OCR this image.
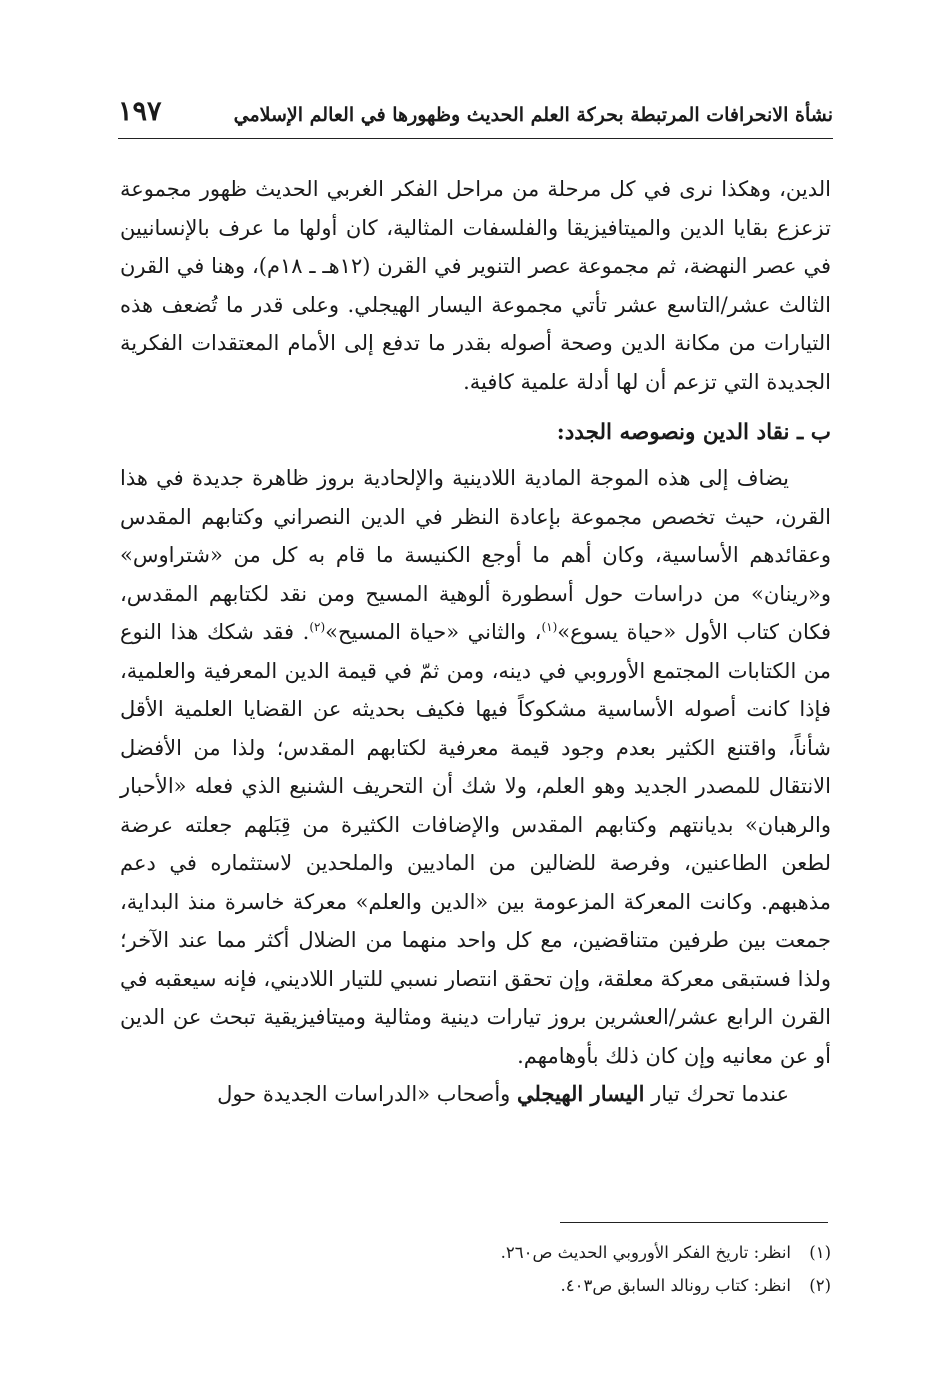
نشأة الانحرافات المرتبطة بحركة العلم الحديث وظهورها في العالم الإسلامي
١٩٧

الدين، وهكذا نرى في كل مرحلة من مراحل الفكر الغربي الحديث ظهور مجموعة تزعزع بقايا الدين والميتافيزيقا والفلسفات المثالية، كان أولها ما عرف بالإنسانيين في عصر النهضة، ثم مجموعة عصر التنوير في القرن (١٢هـ ـ ١٨م)، وهنا في القرن الثالث عشر/التاسع عشر تأتي مجموعة اليسار الهيجلي. وعلى قدر ما تُضعف هذه التيارات من مكانة الدين وصحة أصوله بقدر ما تدفع إلى الأمام المعتقدات الفكرية الجديدة التي تزعم أن لها أدلة علمية كافية.

ب ـ نقاد الدين ونصوصه الجدد:

يضاف إلى هذه الموجة المادية اللادينية والإلحادية بروز ظاهرة جديدة في هذا القرن، حيث تخصص مجموعة بإعادة النظر في الدين النصراني وكتابهم المقدس وعقائدهم الأساسية، وكان أهم ما أوجع الكنيسة ما قام به كل من «شتراوس» و«رينان» من دراسات حول أسطورة ألوهية المسيح ومن نقد لكتابهم المقدس، فكان كتاب الأول «حياة يسوع»$^{(١)}$، والثاني «حياة المسيح»$^{(٢)}$. فقد شكك هذا النوع من الكتابات المجتمع الأوروبي في دينه، ومن ثمّ في قيمة الدين المعرفية والعلمية، فإذا كانت أصوله الأساسية مشكوكاً فيها فكيف بحديثه عن القضايا العلمية الأقل شأناً، واقتنع الكثير بعدم وجود قيمة معرفية لكتابهم المقدس؛ ولذا من الأفضل الانتقال للمصدر الجديد وهو العلم، ولا شك أن التحريف الشنيع الذي فعله «الأحبار والرهبان» بديانتهم وكتابهم المقدس والإضافات الكثيرة من قِبَلهم جعلته عرضة لطعن الطاعنين، وفرصة للضالين من الماديين والملحدين لاستثماره في دعم مذهبهم. وكانت المعركة المزعومة بين «الدين والعلم» معركة خاسرة منذ البداية، جمعت بين طرفين متناقضين، مع كل واحد منهما من الضلال أكثر مما عند الآخر؛ ولذا فستبقى معركة معلقة، وإن تحقق انتصار نسبي للتيار اللاديني، فإنه سيعقبه في القرن الرابع عشر/العشرين بروز تيارات دينية ومثالية وميتافيزيقية تبحث عن الدين أو عن معانيه وإن كان ذلك بأوهامهم.

عندما تحرك تيار اليسار الهيجلي وأصحاب «الدراسات الجديدة حول

(١)انظر: تاريخ الفكر الأوروبي الحديث ص٢٦٠.
(٢)انظر: كتاب رونالد السابق ص٤٠٣.
